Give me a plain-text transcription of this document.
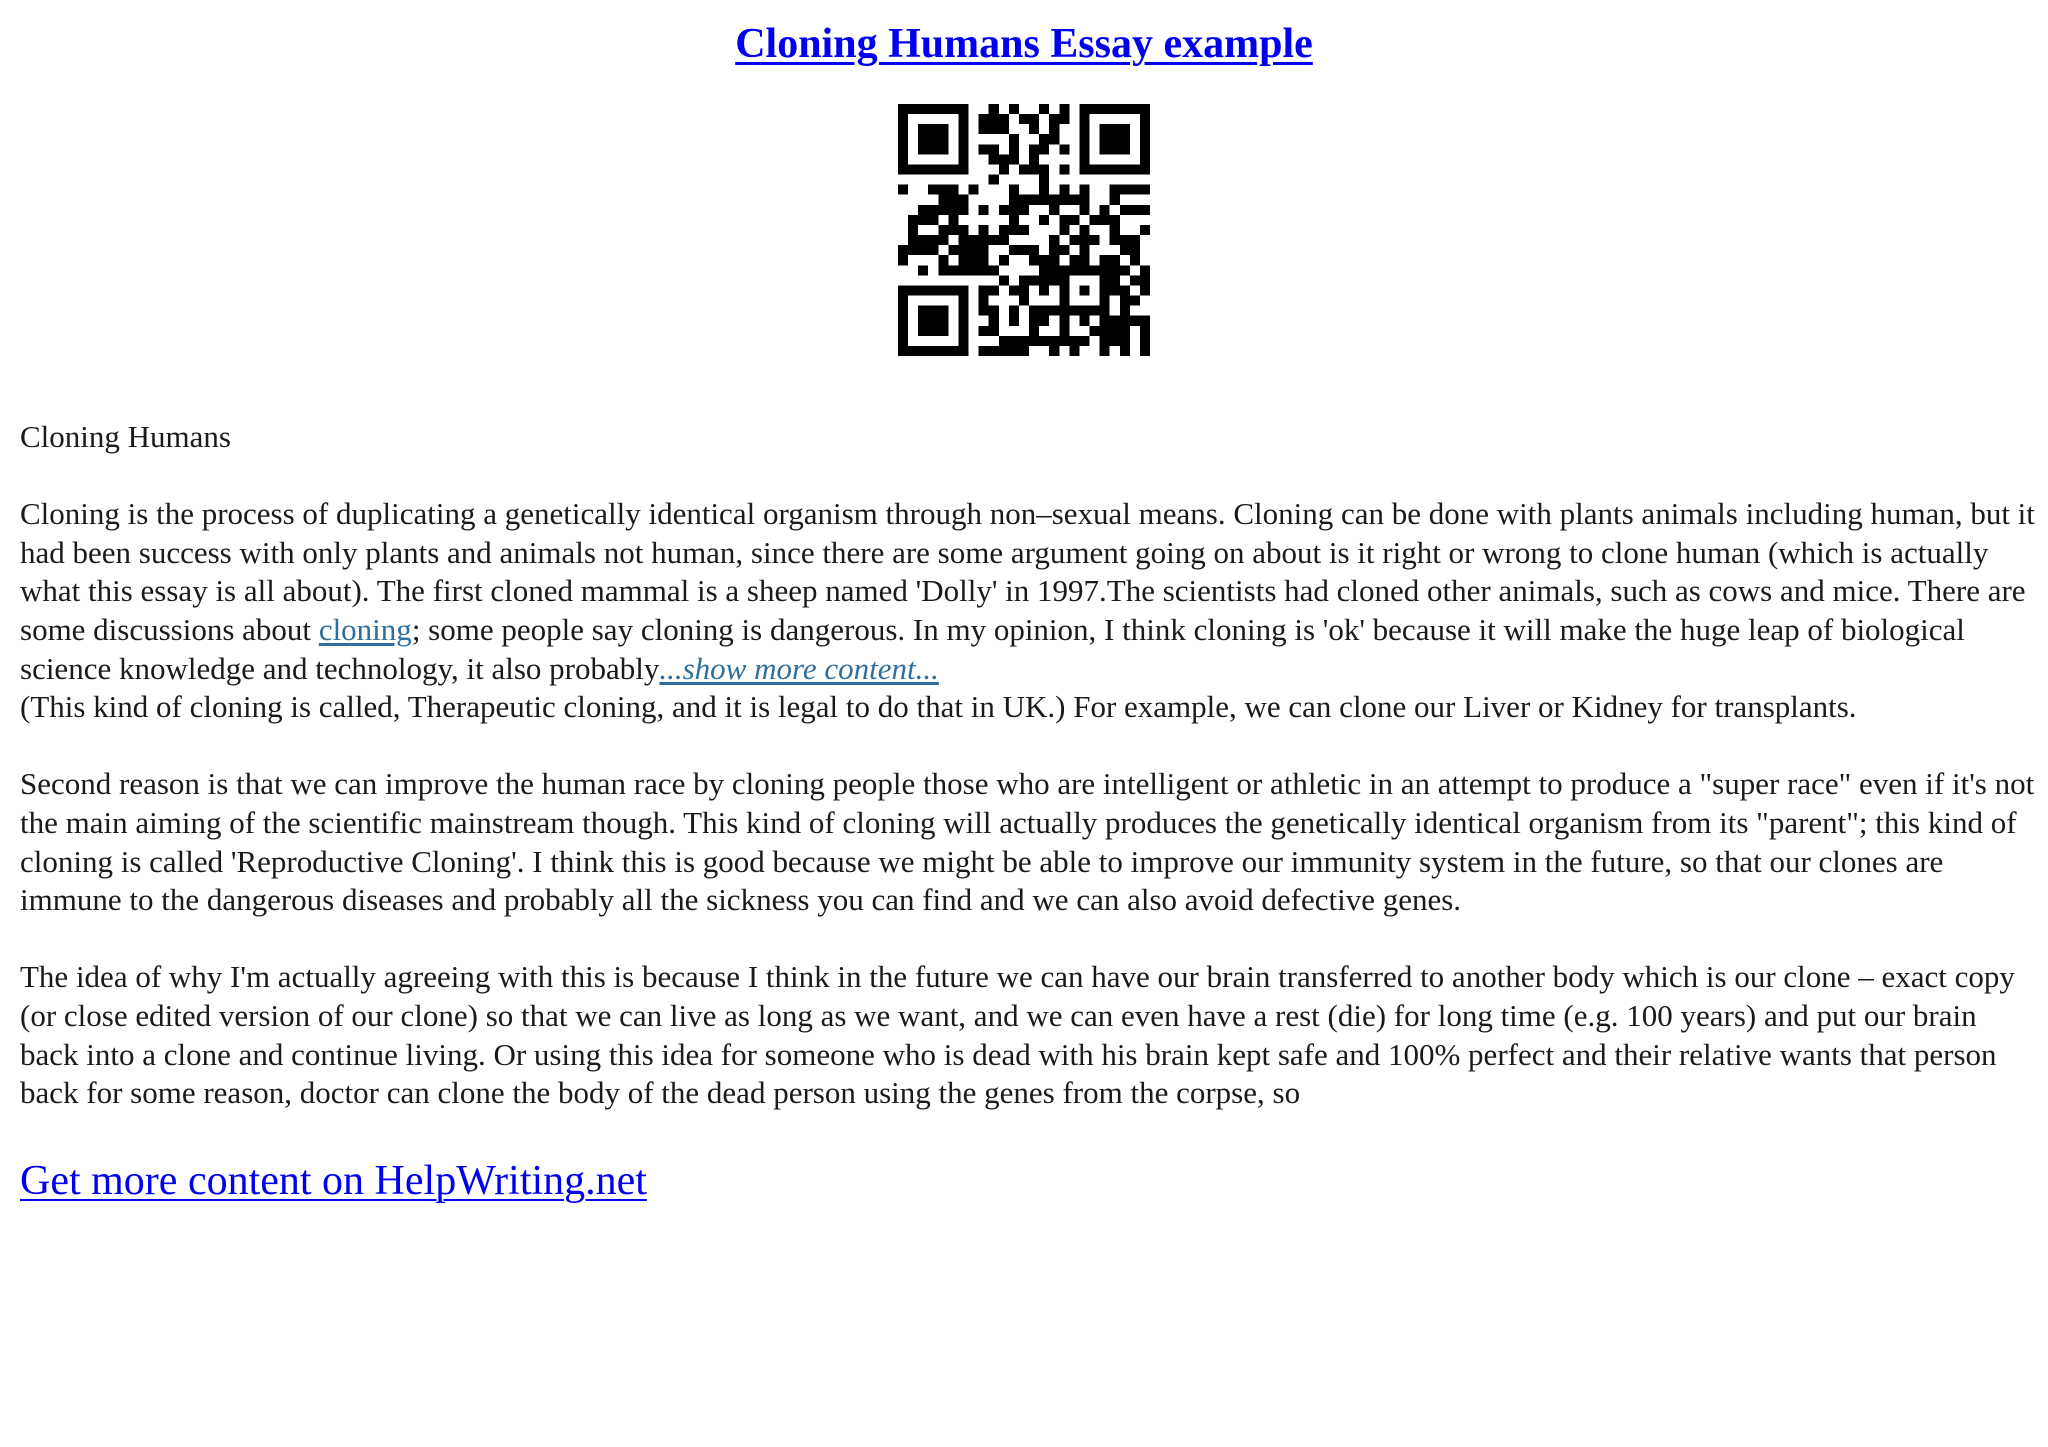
Cloning Humans Essay example

Cloning Humans

Cloning is the process of duplicating a genetically identical organism through non–sexual means. Cloning can be done with plants animals including human, but it had been success with only plants and animals not human, since there are some argument going on about is it right or wrong to clone human (which is actually what this essay is all about). The first cloned mammal is a sheep named 'Dolly' in 1997.The scientists had cloned other animals, such as cows and mice. There are some discussions about cloning; some people say cloning is dangerous. In my opinion, I think cloning is 'ok' because it will make the huge leap of biological science knowledge and technology, it also probably...show more content...

(This kind of cloning is called, Therapeutic cloning, and it is legal to do that in UK.) For example, we can clone our Liver or Kidney for transplants.

Second reason is that we can improve the human race by cloning people those who are intelligent or athletic in an attempt to produce a "super race" even if it's not the main aiming of the scientific mainstream though. This kind of cloning will actually produces the genetically identical organism from its "parent"; this kind of cloning is called 'Reproductive Cloning'. I think this is good because we might be able to improve our immunity system in the future, so that our clones are immune to the dangerous diseases and probably all the sickness you can find and we can also avoid defective genes.

The idea of why I'm actually agreeing with this is because I think in the future we can have our brain transferred to another body which is our clone – exact copy (or close edited version of our clone) so that we can live as long as we want, and we can even have a rest (die) for long time (e.g. 100 years) and put our brain back into a clone and continue living. Or using this idea for someone who is dead with his brain kept safe and 100% perfect and their relative wants that person back for some reason, doctor can clone the body of the dead person using the genes from the corpse, so

Get more content on HelpWriting.net
